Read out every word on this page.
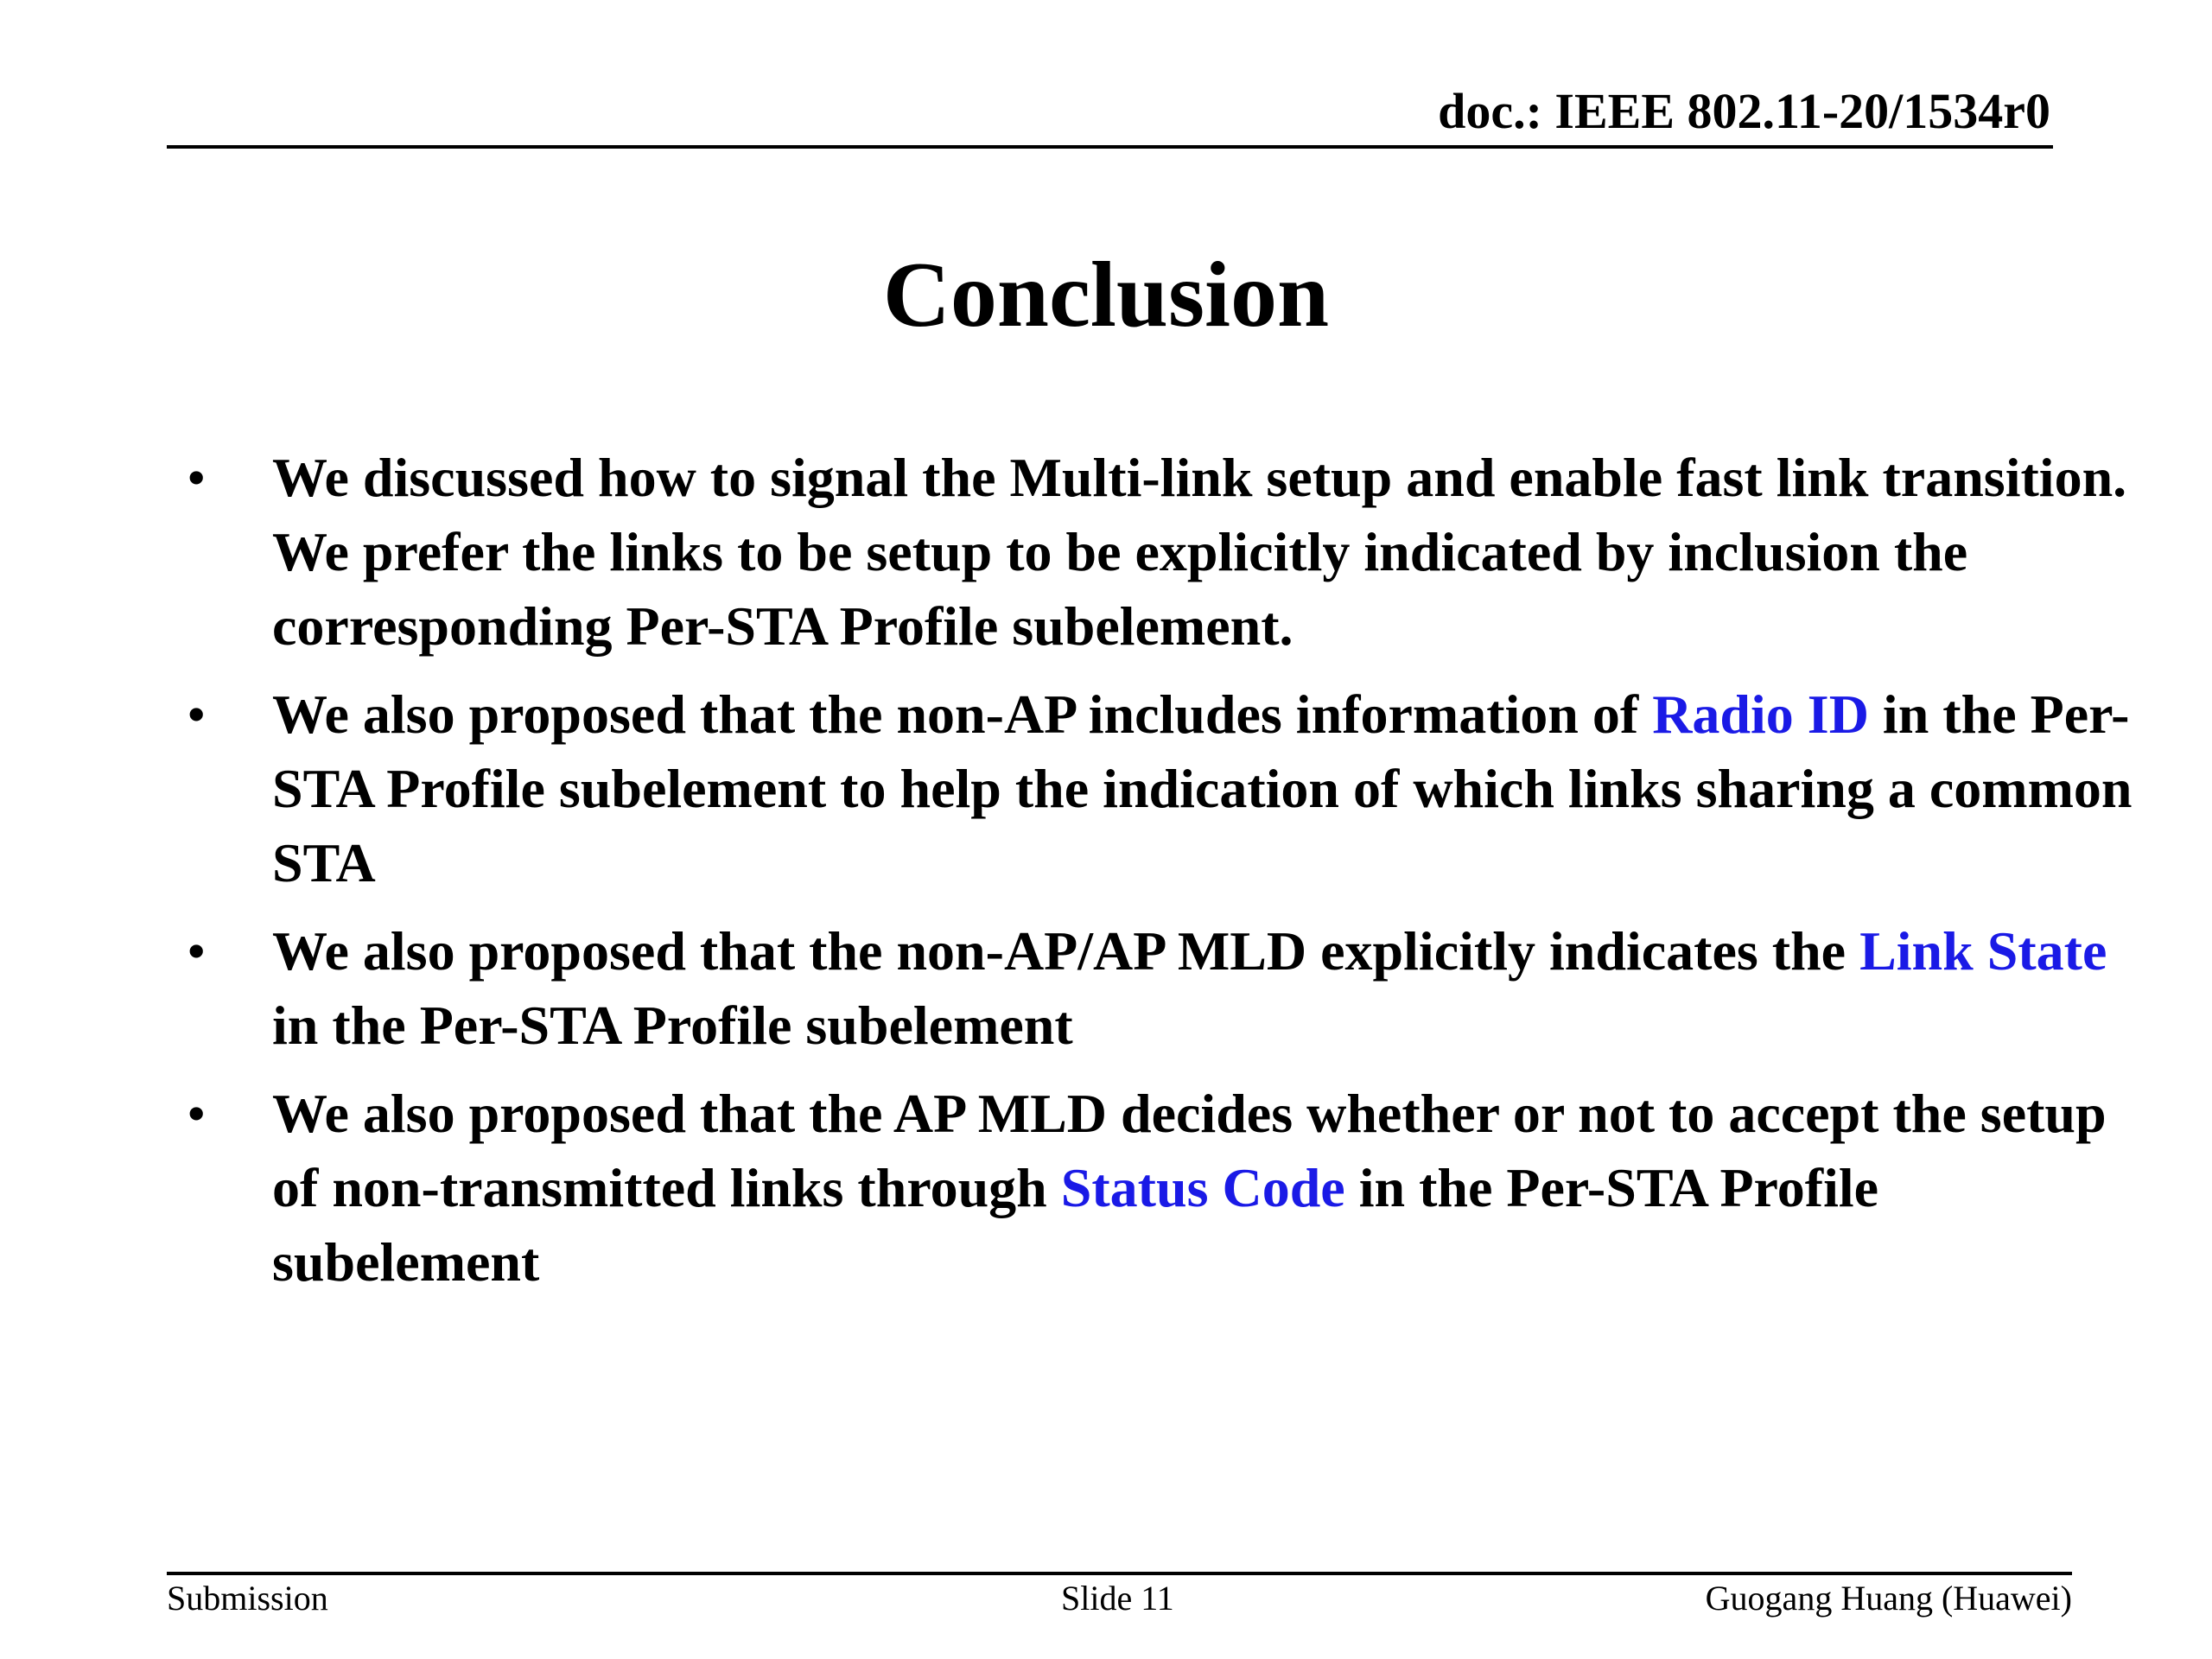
doc.: IEEE 802.11-20/1534r0
Conclusion
• We discussed how to signal the Multi-link setup and enable fast link transition. We prefer the links to be setup to be explicitly indicated by inclusion the corresponding Per-STA Profile subelement.
• We also proposed that the non-AP includes information of Radio ID in the Per-STA Profile subelement to help the indication of which links sharing a common STA
• We also proposed that the non-AP/AP MLD explicitly indicates the Link State in the Per-STA Profile subelement
• We also proposed that the AP MLD decides whether or not to accept the setup of non-transmitted links through Status Code in the Per-STA Profile subelement
Submission	Slide 11	Guogang Huang (Huawei)
